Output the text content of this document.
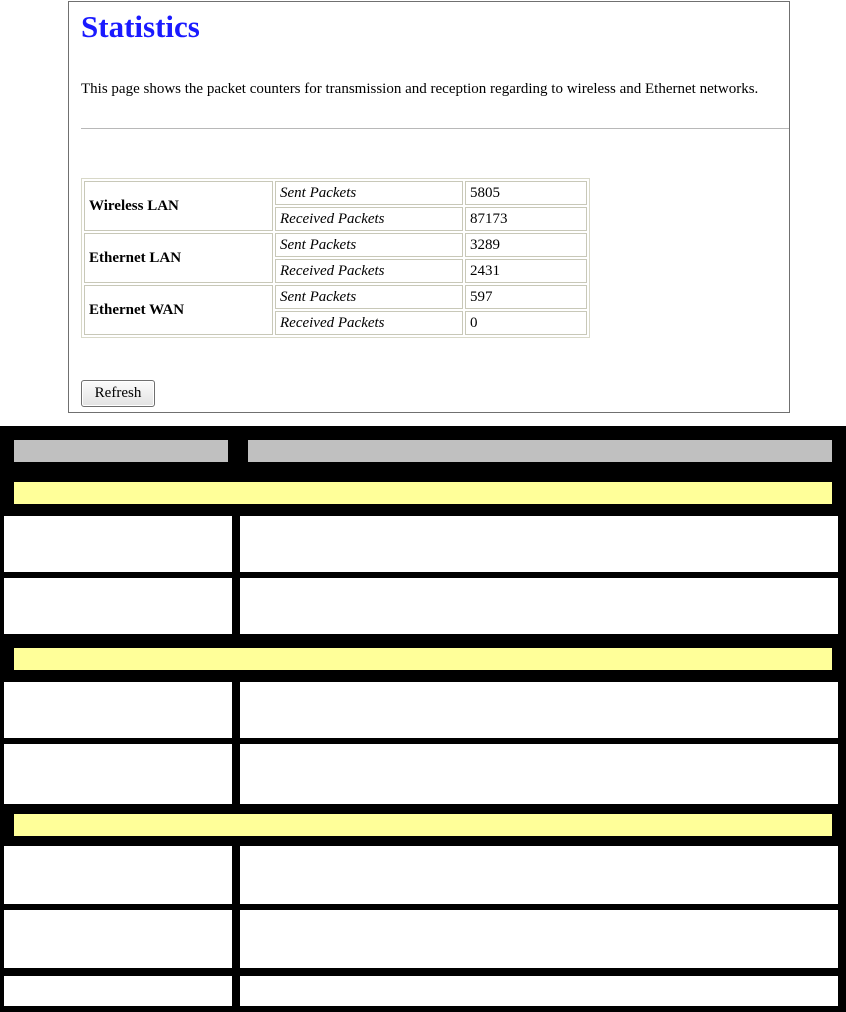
Statistics
This page shows the packet counters for transmission and reception regarding to wireless and Ethernet networks.
Wireless LAN	Sent Packets	5805
	Received Packets	87173
Ethernet LAN	Sent Packets	3289
	Received Packets	2431
Ethernet WAN	Sent Packets	597
	Received Packets	0
Refresh
